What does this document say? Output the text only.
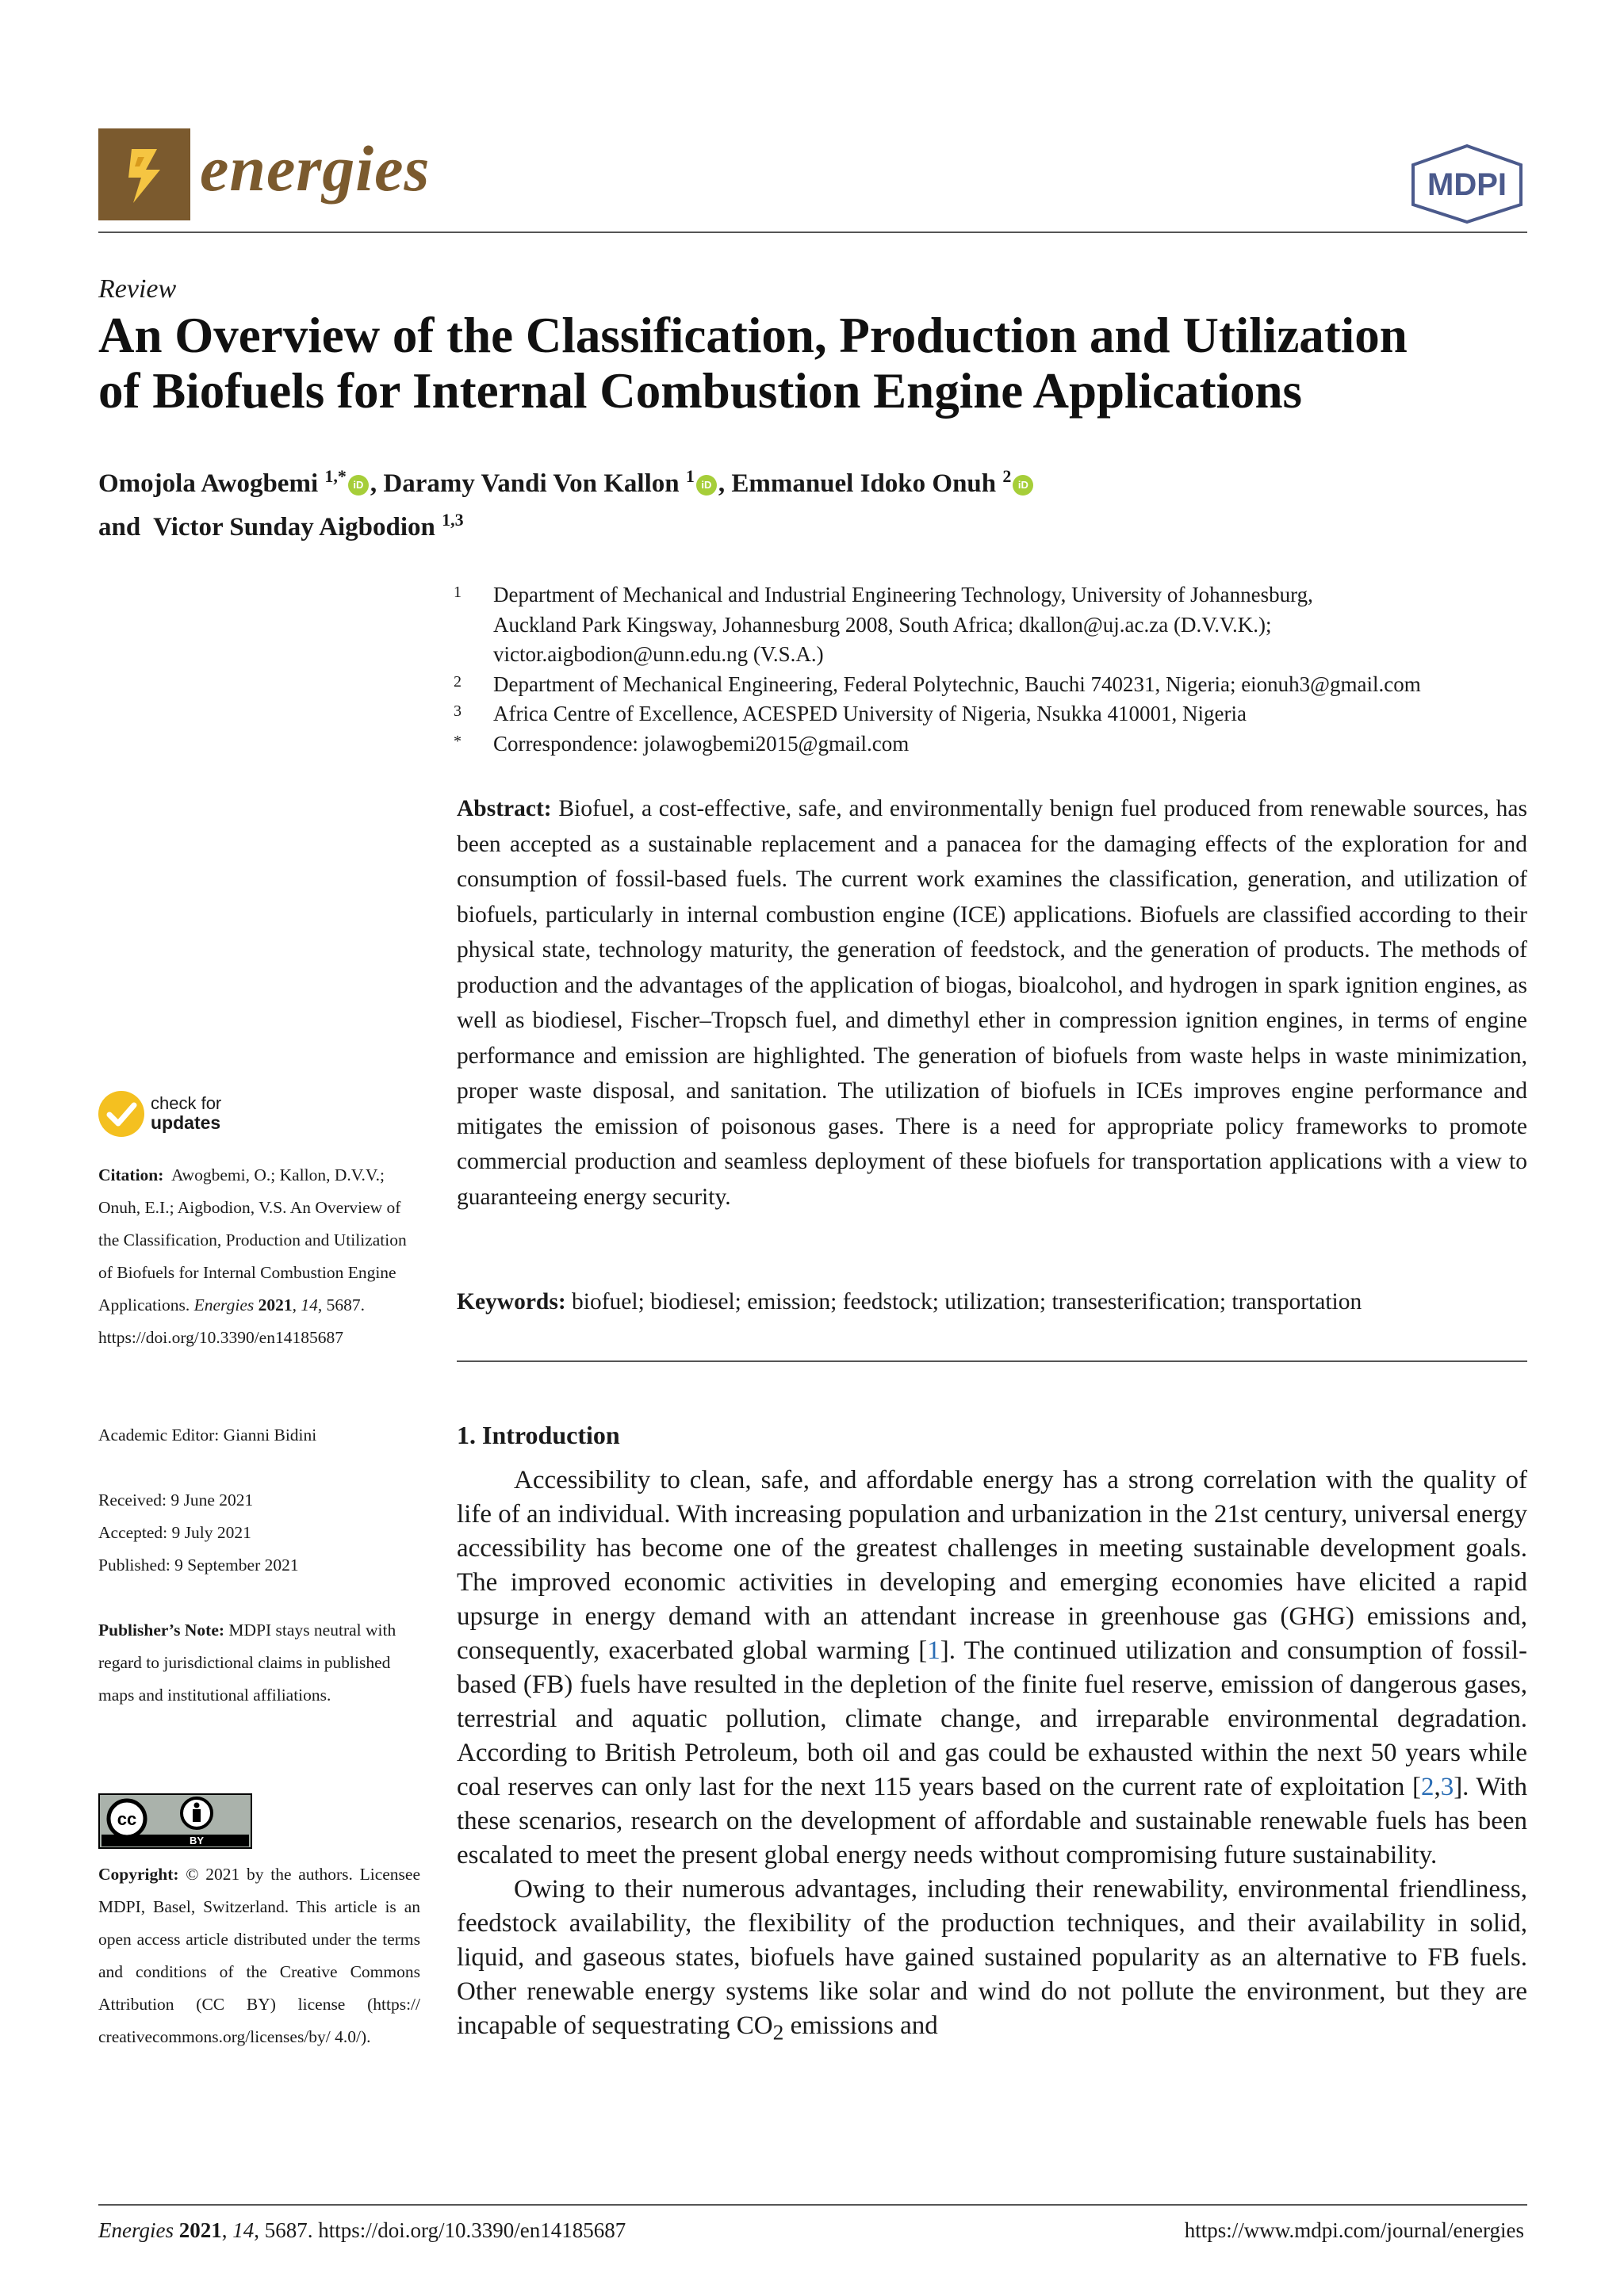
energies	MDPI
Review
An Overview of the Classification, Production and Utilization
of Biofuels for Internal Combustion Engine Applications
Omojola Awogbemi $^{1,*}$ iD , Daramy Vandi Von Kallon $^1$ iD , Emmanuel Idoko Onuh $^2$ iD
and Victor Sunday Aigbodion $^{1,3}$
1	Department of Mechanical and Industrial Engineering Technology, University of Johannesburg,
Auckland Park Kingsway, Johannesburg 2008, South Africa; dkallon@uj.ac.za (D.V.V.K.);
victor.aigbodion@unn.edu.ng (V.S.A.)
2	Department of Mechanical Engineering, Federal Polytechnic, Bauchi 740231, Nigeria; eionuh3@gmail.com
3	Africa Centre of Excellence, ACESPED University of Nigeria, Nsukka 410001, Nigeria
*	Correspondence: jolawogbemi2015@gmail.com
Abstract: Biofuel, a cost-effective, safe, and environmentally benign fuel produced from renewable sources, has been accepted as a sustainable replacement and a panacea for the damaging effects of the exploration for and consumption of fossil-based fuels. The current work examines the classification, generation, and utilization of biofuels, particularly in internal combustion engine (ICE) applications. Biofuels are classified according to their physical state, technology maturity, the generation of feedstock, and the generation of products. The methods of production and the advantages of the application of biogas, bioalcohol, and hydrogen in spark ignition engines, as well as biodiesel, Fischer–Tropsch fuel, and dimethyl ether in compression ignition engines, in terms of engine performance and emission are highlighted. The generation of biofuels from waste helps in waste minimization, proper waste disposal, and sanitation. The utilization of biofuels in ICEs improves engine performance and mitigates the emission of poisonous gases. There is a need for appropriate policy frameworks to promote commercial production and seamless deployment of these biofuels for transportation applications with a view to guaranteeing energy security.
Keywords: biofuel; biodiesel; emission; feedstock; utilization; transesterification; transportation
1. Introduction

Accessibility to clean, safe, and affordable energy has a strong correlation with the quality of life of an individual. With increasing population and urbanization in the 21st century, universal energy accessibility has become one of the greatest challenges in meeting sustainable development goals. The improved economic activities in developing and emerging economies have elicited a rapid upsurge in energy demand with an attendant increase in greenhouse gas (GHG) emissions and, consequently, exacerbated global warming [1]. The continued utilization and consumption of fossil-based (FB) fuels have resulted in the depletion of the finite fuel reserve, emission of dangerous gases, terrestrial and aquatic pollution, climate change, and irreparable environmental degradation. According to British Petroleum, both oil and gas could be exhausted within the next 50 years while coal reserves can only last for the next 115 years based on the current rate of exploitation [2,3]. With these scenarios, research on the development of affordable and sustainable renewable fuels has been escalated to meet the present global energy needs without compromising future sustainability.

Owing to their numerous advantages, including their renewability, environmental friendliness, feedstock availability, the flexibility of the production techniques, and their availability in solid, liquid, and gaseous states, biofuels have gained sustained popularity as an alternative to FB fuels. Other renewable energy systems like solar and wind do not pollute the environment, but they are incapable of sequestrating $CO_2$ emissions and

check for
updates
Citation: Awogbemi, O.; Kallon, D.V.V.; Onuh, E.I.; Aigbodion, V.S. An Overview of the Classification, Production and Utilization of Biofuels for Internal Combustion Engine Applications. Energies 2021, 14, 5687. https://doi.org/10.3390/en14185687
Academic Editor: Gianni Bidini
Received: 9 June 2021
Accepted: 9 July 2021
Published: 9 September 2021
Publisher’s Note: MDPI stays neutral with regard to jurisdictional claims in published maps and institutional affiliations.
cc
BY
Copyright: © 2021 by the authors. Licensee MDPI, Basel, Switzerland. This article is an open access article distributed under the terms and conditions of the Creative Commons Attribution (CC BY) license (https:// creativecommons.org/licenses/by/ 4.0/).
Energies 2021, 14, 5687. https://doi.org/10.3390/en14185687	https://www.mdpi.com/journal/energies
